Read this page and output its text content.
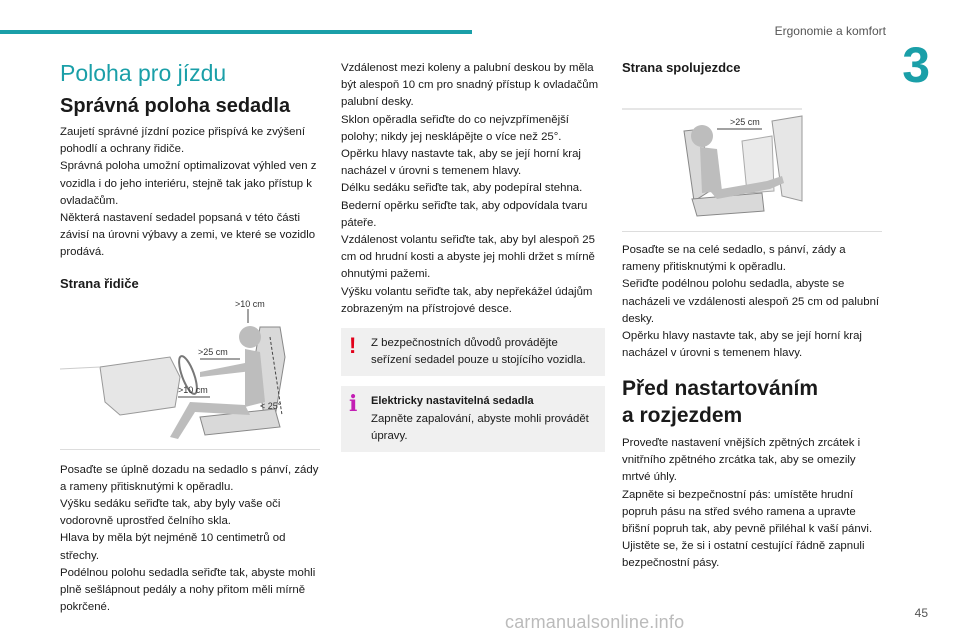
Ergonomie a komfort
3
Poloha pro jízdu
Správná poloha sedadla

Zaujetí správné jízdní pozice přispívá ke zvýšení pohodlí a ochrany řidiče.

Správná poloha umožní optimalizovat výhled ven z vozidla i do jeho interiéru, stejně tak jako přístup k ovladačům.

Některá nastavení sedadel popsaná v této části závisí na úrovni výbavy a zemi, ve které se vozidlo prodává.

Strana řidiče
>10 cm
>25 cm
>10 cm
< 25°

Posaďte se úplně dozadu na sedadlo s pánví, zády a rameny přitisknutými k opěradlu.

Výšku sedáku seřiďte tak, aby byly vaše oči vodorovně uprostřed čelního skla.

Hlava by měla být nejméně 10 centimetrů od střechy.

Podélnou polohu sedadla seřiďte tak, abyste mohli plně sešlápnout pedály a nohy přitom měli mírně pokrčené.

Vzdálenost mezi koleny a palubní deskou by měla být alespoň 10 cm pro snadný přístup k ovladačům palubní desky.

Sklon opěradla seřiďte do co nejvzpřímenější polohy; nikdy jej nesklápějte o více než 25°.

Opěrku hlavy nastavte tak, aby se její horní kraj nacházel v úrovni s temenem hlavy.

Délku sedáku seřiďte tak, aby podepíral stehna.

Bederní opěrku seřiďte tak, aby odpovídala tvaru páteře.

Vzdálenost volantu seřiďte tak, aby byl alespoň 25 cm od hrudní kosti a abyste jej mohli držet s mírně ohnutými pažemi.

Výšku volantu seřiďte tak, aby nepřekážel údajům zobrazeným na přístrojové desce.

! Z bezpečnostních důvodů provádějte seřízení sedadel pouze u stojícího vozidla.
i Elektricky nastavitelná sedadla
Zapněte zapalování, abyste mohli provádět úpravy.
Strana spolujezdce
>25 cm

Posaďte se na celé sedadlo, s pánví, zády a rameny přitisknutými k opěradlu.

Seřiďte podélnou polohu sedadla, abyste se nacházeli ve vzdálenosti alespoň 25 cm od palubní desky.

Opěrku hlavy nastavte tak, aby se její horní kraj nacházel v úrovni s temenem hlavy.

Před nastartováním
a rozjezdem

Proveďte nastavení vnějších zpětných zrcátek i vnitřního zpětného zrcátka tak, aby se omezily mrtvé úhly.

Zapněte si bezpečnostní pás: umístěte hrudní popruh pásu na střed svého ramena a upravte břišní popruh tak, aby pevně přiléhal k vaší pánvi.

Ujistěte se, že si i ostatní cestující řádně zapnuli bezpečnostní pásy.

carmanualsonline.info	45
